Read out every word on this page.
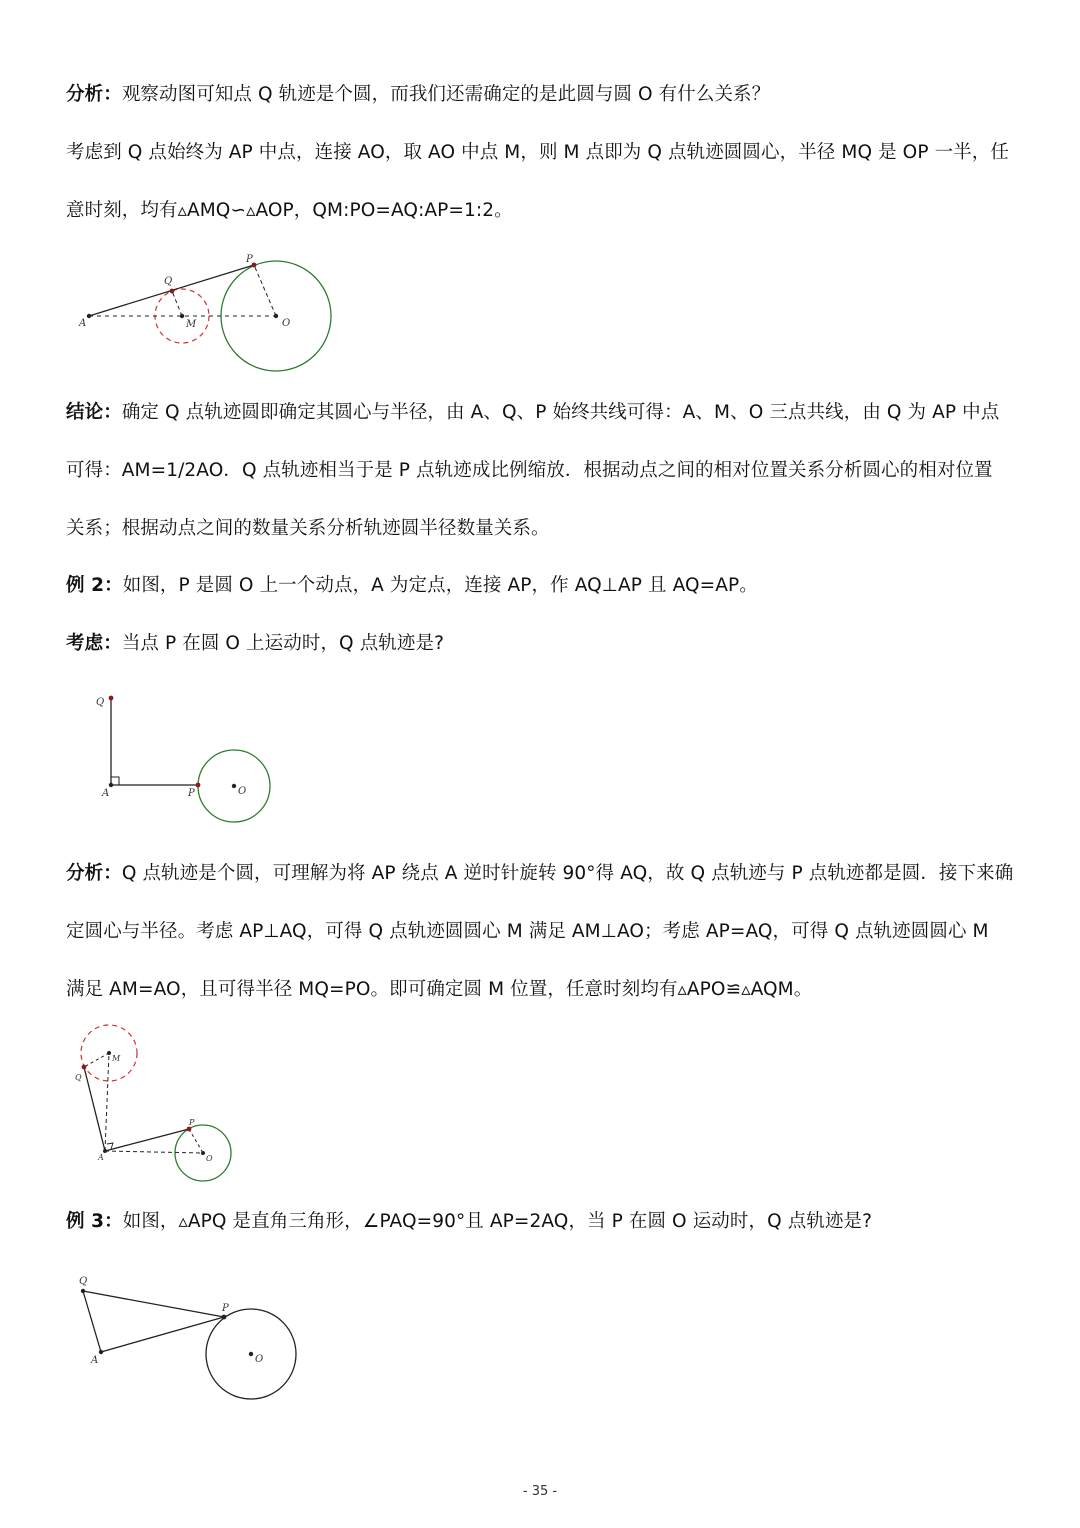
分析：观察动图可知点 Q 轨迹是个圆，而我们还需确定的是此圆与圆 O 有什么关系？
考虑到 Q 点始终为 AP 中点，连接 AO，取 AO 中点 M，则 M 点即为 Q 点轨迹圆圆心，半径 MQ 是 OP 一半，任
意时刻，均有▵AMQ∽▵AOP，QM:PO=AQ:AP=1:2。
P
Q
A	M	O
结论：确定 Q 点轨迹圆即确定其圆心与半径，由 A、Q、P 始终共线可得：A、M、O 三点共线，由 Q 为 AP 中点
可得：AM=1/2AO．Q 点轨迹相当于是 P 点轨迹成比例缩放．根据动点之间的相对位置关系分析圆心的相对位置
关系；根据动点之间的数量关系分析轨迹圆半径数量关系。
例 2：如图，P 是圆 O 上一个动点，A 为定点，连接 AP，作 AQ⊥AP 且 AQ=AP。
考虑：当点 P 在圆 O 上运动时，Q 点轨迹是?
Q
A	P	O
分析：Q 点轨迹是个圆，可理解为将 AP 绕点 A 逆时针旋转 90°得 AQ，故 Q 点轨迹与 P 点轨迹都是圆．接下来确
定圆心与半径。考虑 AP⊥AQ，可得 Q 点轨迹圆圆心 M 满足 AM⊥AO；考虑 AP=AQ，可得 Q 点轨迹圆圆心 M
满足 AM=AO，且可得半径 MQ=PO。即可确定圆 M 位置，任意时刻均有▵APO≌▵AQM。
M
Q
P
A	O
例 3：如图，▵APQ 是直角三角形，∠PAQ=90°且 AP=2AQ，当 P 在圆 O 运动时，Q 点轨迹是?
Q
P
A	O
- 35 -
